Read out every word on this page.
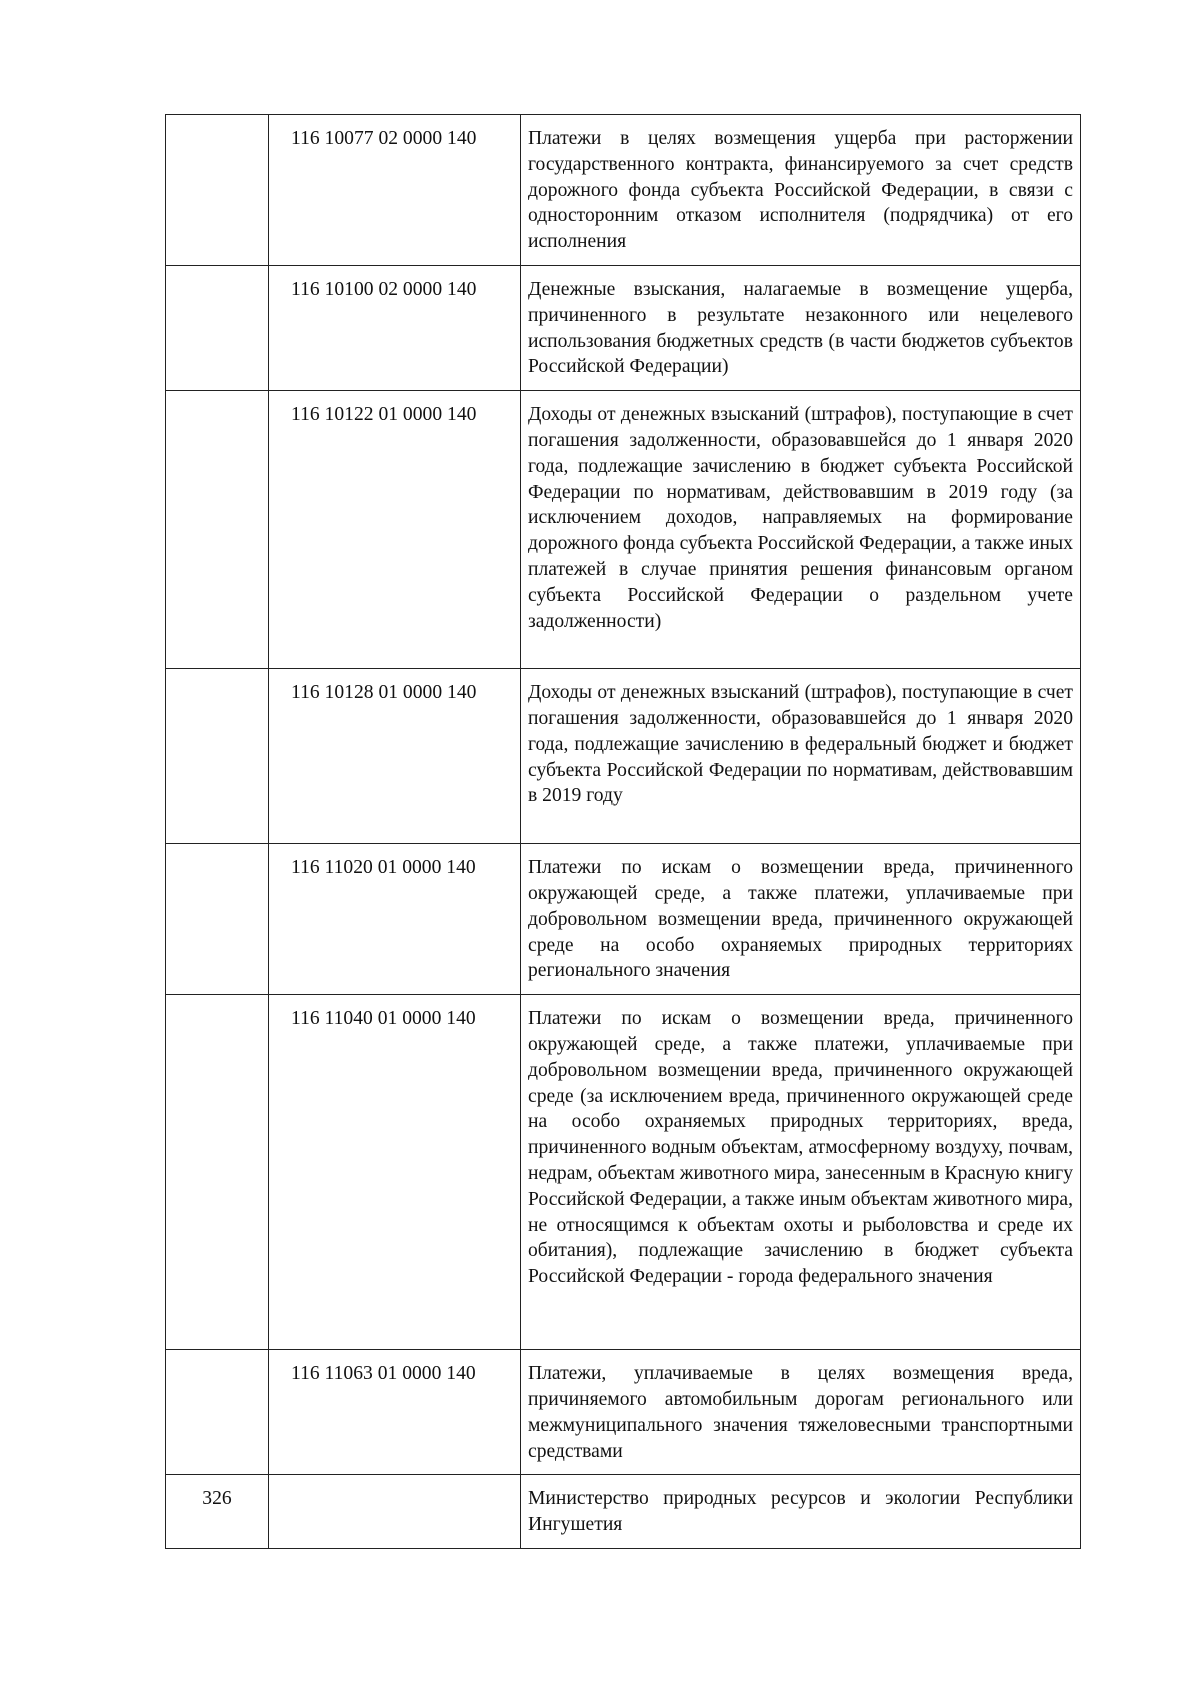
	116 10077 02 0000 140	Платежи в целях возмещения ущерба при расторжении государственного контракта, финансируемого за счет средств дорожного фонда субъекта Российской Федерации, в связи с односторонним отказом исполнителя (подрядчика) от его исполнения
	116 10100 02 0000 140	Денежные взыскания, налагаемые в возмещение ущерба, причиненного в результате незаконного или нецелевого использования бюджетных средств (в части бюджетов субъектов Российской Федерации)
	116 10122 01 0000 140	Доходы от денежных взысканий (штрафов), поступающие в счет погашения задолженности, образовавшейся до 1 января 2020 года, подлежащие зачислению в бюджет субъекта Российской Федерации по нормативам, действовавшим в 2019 году (за исключением доходов, направляемых на формирование дорожного фонда субъекта Российской Федерации, а также иных платежей в случае принятия решения финансовым органом субъекта Российской Федерации о раздельном учете задолженности)
	116 10128 01 0000 140	Доходы от денежных взысканий (штрафов), поступающие в счет погашения задолженности, образовавшейся до 1 января 2020 года, подлежащие зачислению в федеральный бюджет и бюджет субъекта Российской Федерации по нормативам, действовавшим в 2019 году
	116 11020 01 0000 140	Платежи по искам о возмещении вреда, причиненного окружающей среде, а также платежи, уплачиваемые при добровольном возмещении вреда, причиненного окружающей среде на особо охраняемых природных территориях регионального значения
	116 11040 01 0000 140	Платежи по искам о возмещении вреда, причиненного окружающей среде, а также платежи, уплачиваемые при добровольном возмещении вреда, причиненного окружающей среде (за исключением вреда, причиненного окружающей среде на особо охраняемых природных территориях, вреда, причиненного водным объектам, атмосферному воздуху, почвам, недрам, объектам животного мира, занесенным в Красную книгу Российской Федерации, а также иным объектам животного мира, не относящимся к объектам охоты и рыболовства и среде их обитания), подлежащие зачислению в бюджет субъекта Российской Федерации - города федерального значения
	116 11063 01 0000 140	Платежи, уплачиваемые в целях возмещения вреда, причиняемого автомобильным дорогам регионального или межмуниципального значения тяжеловесными транспортными средствами
326		Министерство природных ресурсов и экологии Республики Ингушетия
